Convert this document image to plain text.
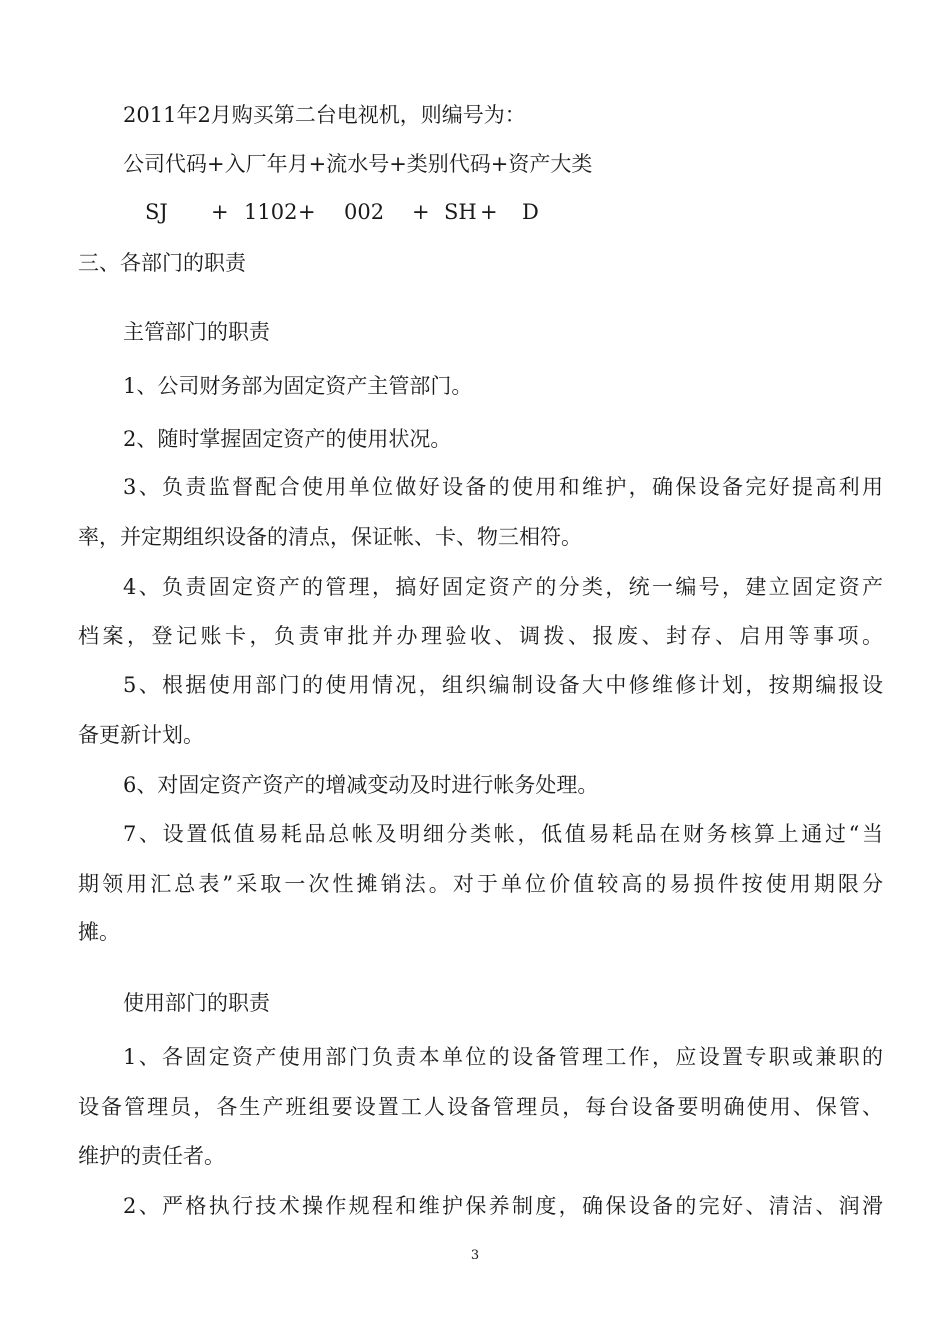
2011年2月购买第二台电视机，则编号为：
公司代码+入厂年月+流水号+类别代码+资产大类
SJ + 1102 + 002 + SH + D
三、各部门的职责
主管部门的职责
1、公司财务部为固定资产主管部门。
2、随时掌握固定资产的使用状况。
3、负责监督配合使用单位做好设备的使用和维护，确保设备完好提高利用
率，并定期组织设备的清点，保证帐、卡、物三相符。
4、负责固定资产的管理，搞好固定资产的分类，统一编号，建立固定资产
档案，登记账卡，负责审批并办理验收、调拨、报废、封存、启用等事项。
5、根据使用部门的使用情况，组织编制设备大中修维修计划，按期编报设
备更新计划。
6、对固定资产资产的增减变动及时进行帐务处理。
7、设置低值易耗品总帐及明细分类帐，低值易耗品在财务核算上通过“当
期领用汇总表”采取一次性摊销法。对于单位价值较高的易损件按使用期限分
摊。
使用部门的职责
1、各固定资产使用部门负责本单位的设备管理工作，应设置专职或兼职的
设备管理员，各生产班组要设置工人设备管理员，每台设备要明确使用、保管、
维护的责任者。
2、严格执行技术操作规程和维护保养制度，确保设备的完好、清洁、润滑
3
